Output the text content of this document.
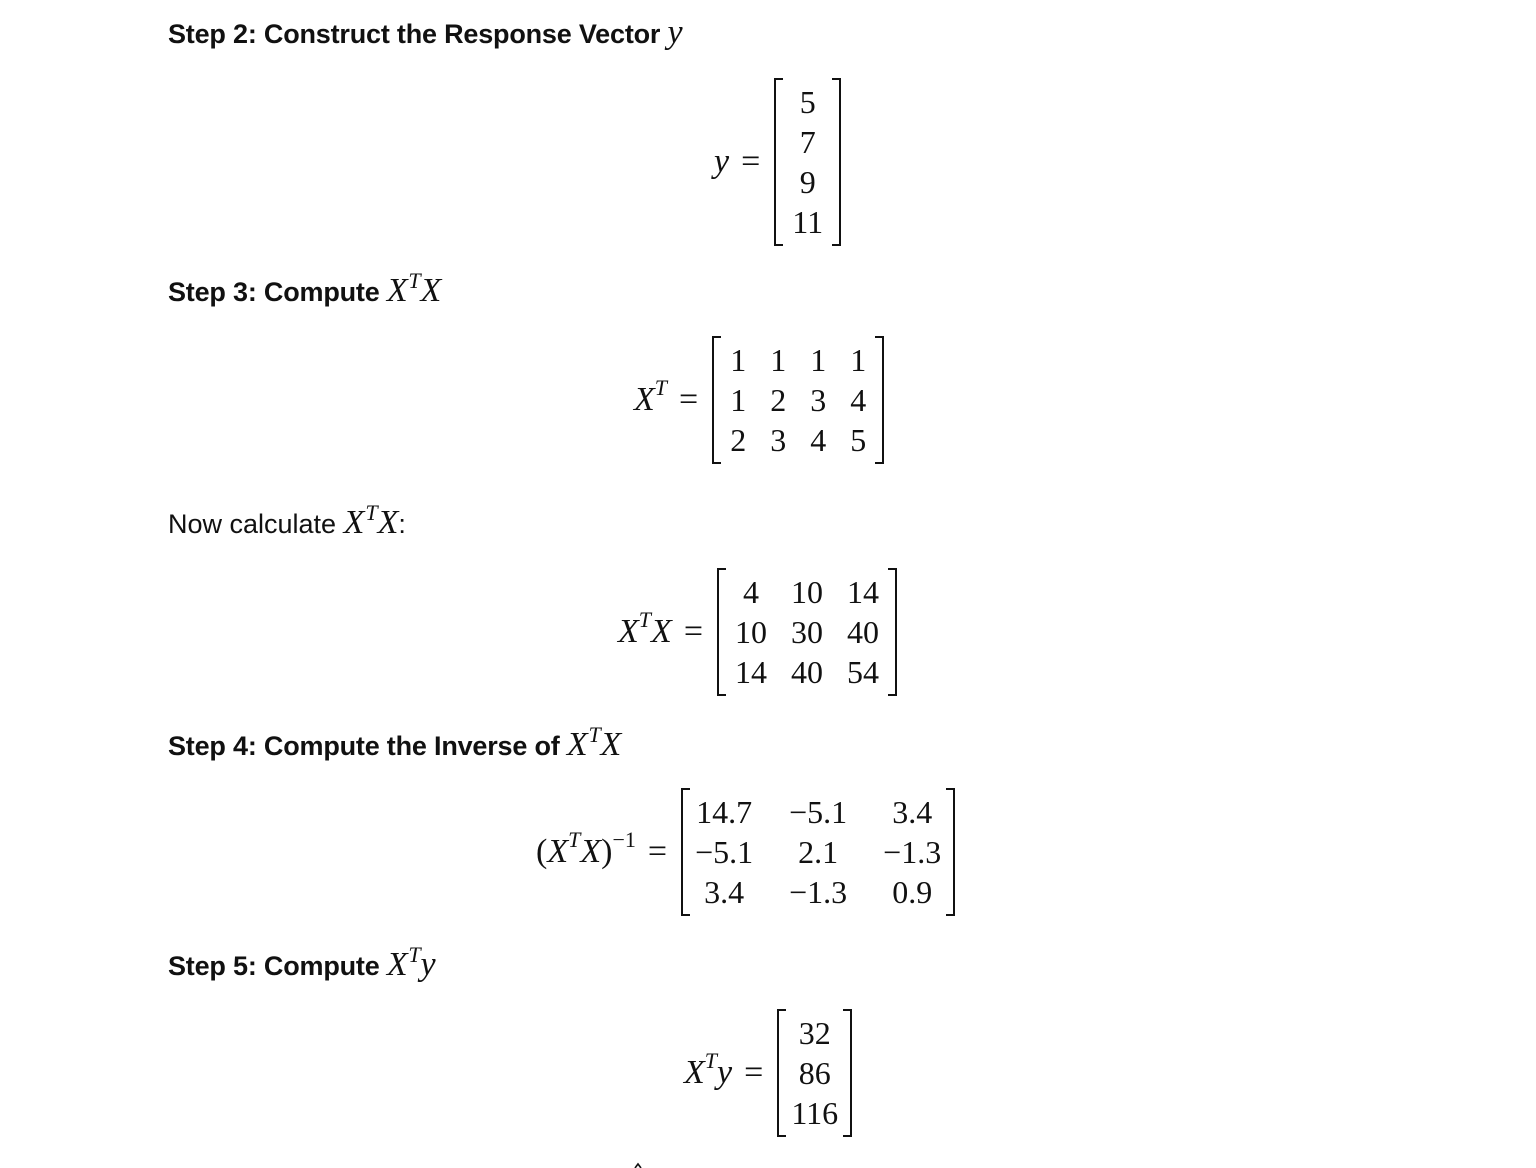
Step 2: Construct the Response Vector y
y =
5
7
9
11
Step 3: Compute $X^TX$
$X^T$ =
1	1	1	1
1	2	3	4
2	3	4	5
Now calculate $X^TX$:
$X^TX$ =
4	10	14
10	30	40
14	40	54
Step 4: Compute the Inverse of $X^TX$
$(X^TX)^{-1}$ =
14.7	−5.1	3.4
−5.1	2.1	−1.3
3.4	−1.3	0.9
Step 5: Compute $X^Ty$
$X^Ty$ =
32
86
116
